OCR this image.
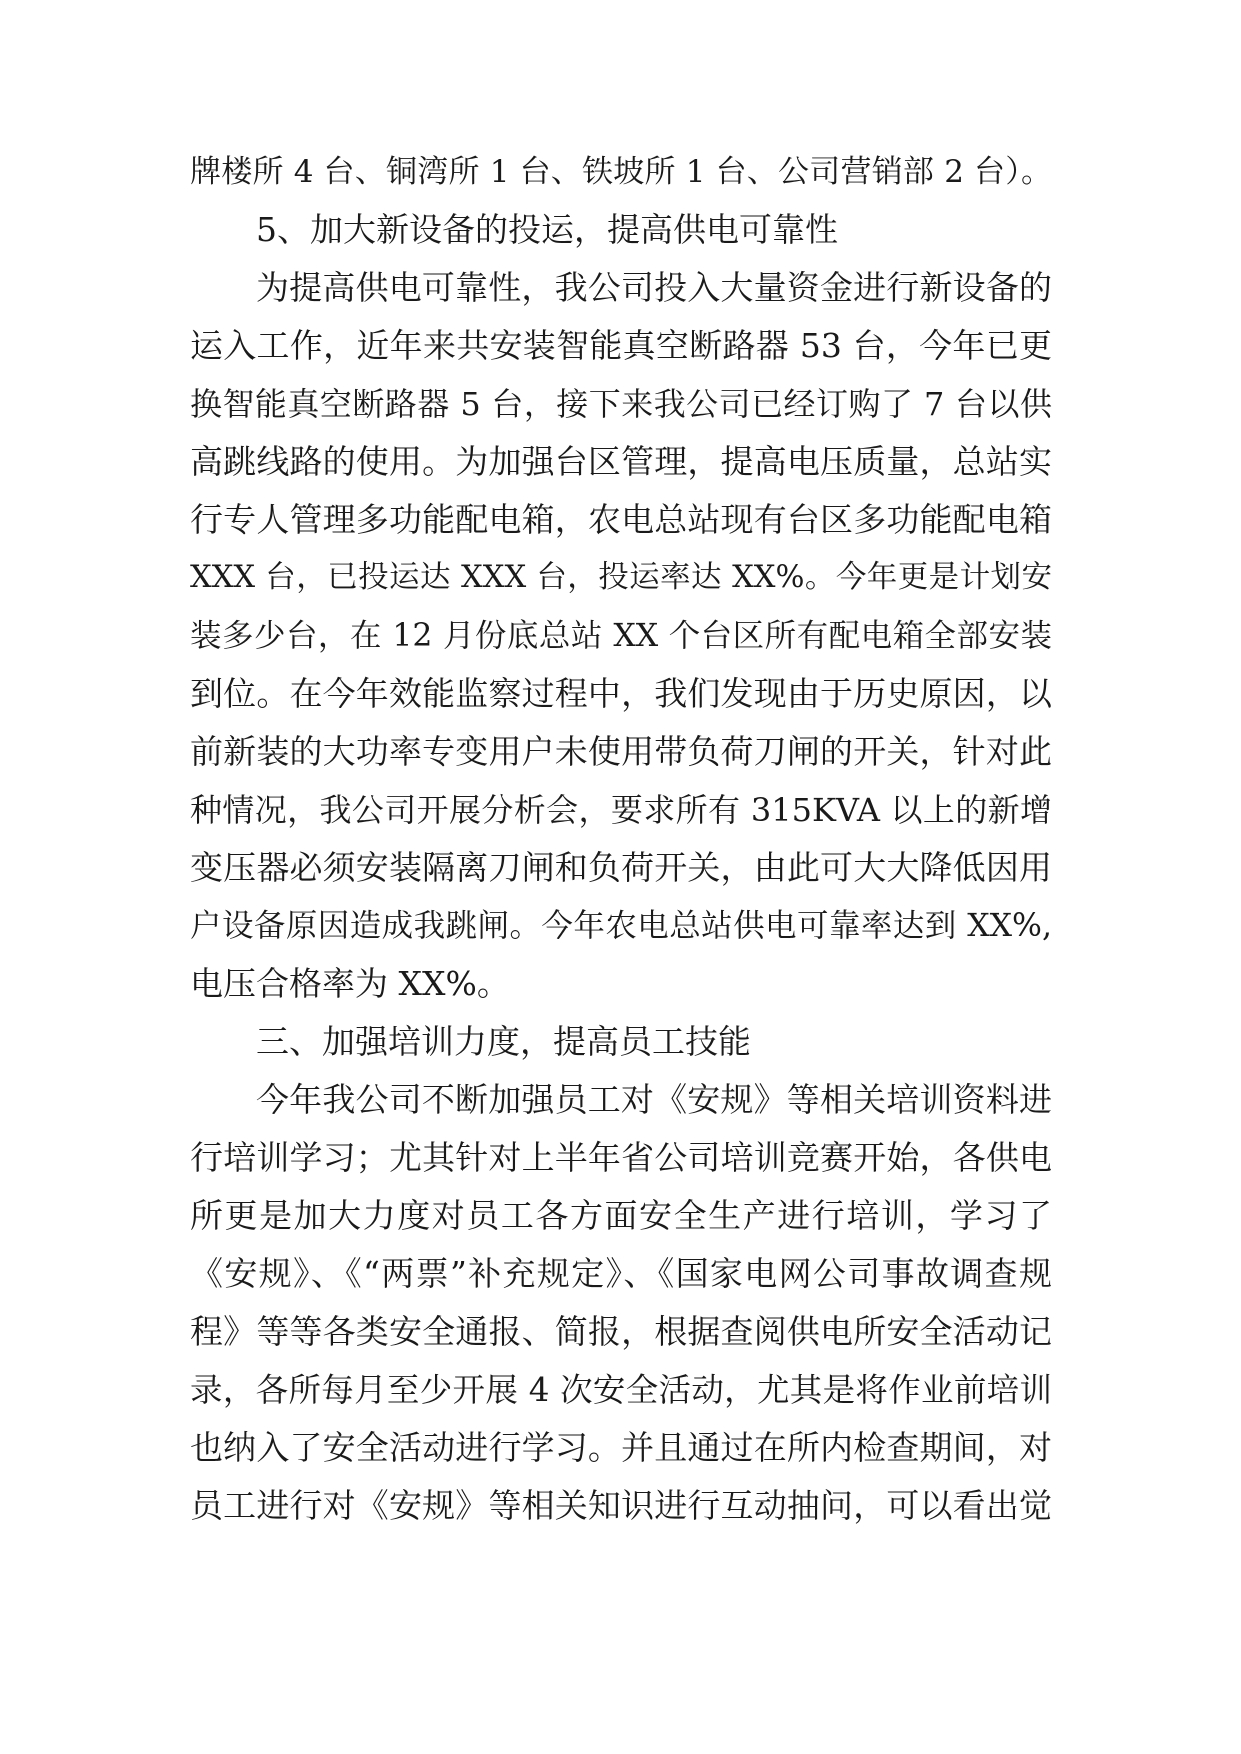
牌楼所 4 台、铜湾所 1 台、铁坡所 1 台、公司营销部 2 台）。
5、加大新设备的投运，提高供电可靠性
为提高供电可靠性，我公司投入大量资金进行新设备的
运入工作，近年来共安装智能真空断路器 53 台，今年已更
换智能真空断路器 5 台，接下来我公司已经订购了 7 台以供
高跳线路的使用。为加强台区管理，提高电压质量，总站实
行专人管理多功能配电箱，农电总站现有台区多功能配电箱
XXX 台，已投运达 XXX 台，投运率达 XX%。今年更是计划安
装多少台，在 12 月份底总站 XX 个台区所有配电箱全部安装
到位。在今年效能监察过程中，我们发现由于历史原因，以
前新装的大功率专变用户未使用带负荷刀闸的开关，针对此
种情况，我公司开展分析会，要求所有 315KVA 以上的新增
变压器必须安装隔离刀闸和负荷开关，由此可大大降低因用
户设备原因造成我跳闸。今年农电总站供电可靠率达到 XX%,
电压合格率为 XX%。
三、加强培训力度，提高员工技能
今年我公司不断加强员工对《安规》等相关培训资料进
行培训学习；尤其针对上半年省公司培训竞赛开始，各供电
所更是加大力度对员工各方面安全生产进行培训，学习了
《安规》、《“两票”补充规定》、《国家电网公司事故调查规
程》等等各类安全通报、简报，根据查阅供电所安全活动记
录，各所每月至少开展 4 次安全活动，尤其是将作业前培训
也纳入了安全活动进行学习。并且通过在所内检查期间，对
员工进行对《安规》等相关知识进行互动抽问，可以看出觉
